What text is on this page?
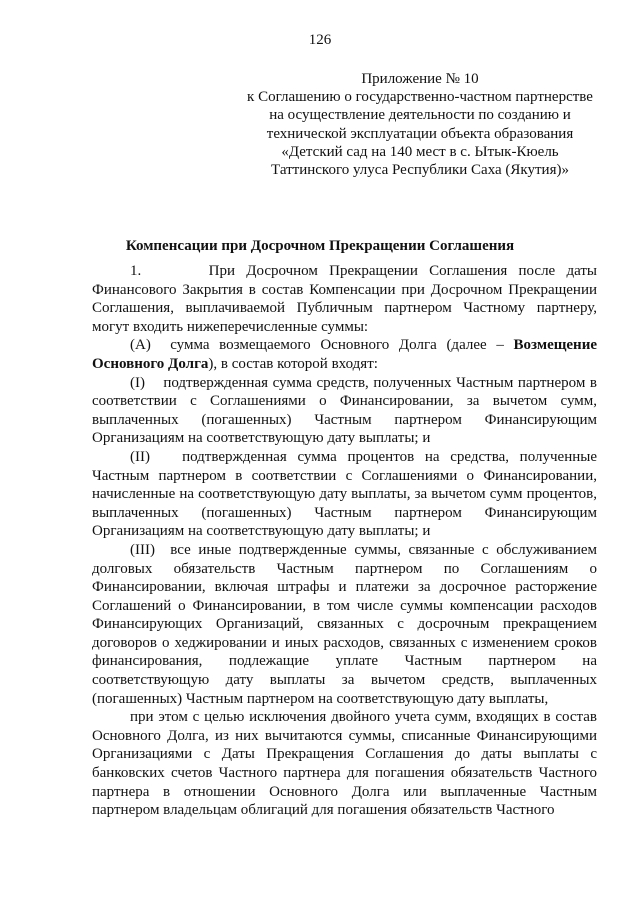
126
Приложение № 10
к Соглашению о государственно-частном партнерстве
на осуществление деятельности по созданию и
технической эксплуатации объекта образования
«Детский сад на 140 мест в с. Ытык-Кюель
Таттинского улуса Республики Саха (Якутия)»
Компенсации при Досрочном Прекращении Соглашения

1.      При Досрочном Прекращении Соглашения после даты Финансового Закрытия в состав Компенсации при Досрочном Прекращении Соглашения, выплачиваемой Публичным партнером Частному партнеру, могут входить нижеперечисленные суммы:

(A)  сумма возмещаемого Основного Долга (далее – Возмещение Основного Долга), в состав которой входят:

(I)    подтвержденная сумма средств, полученных Частным партнером в соответствии с Соглашениями о Финансировании, за вычетом сумм, выплаченных (погашенных) Частным партнером Финансирующим Организациям на соответствующую дату выплаты; и

(II)   подтвержденная сумма процентов на средства, полученные Частным партнером в соответствии с Соглашениями о Финансировании, начисленные на соответствующую дату выплаты, за вычетом сумм процентов, выплаченных (погашенных) Частным партнером Финансирующим Организациям на соответствующую дату выплаты; и

(III)  все иные подтвержденные суммы, связанные с обслуживанием долговых обязательств Частным партнером по Соглашениям о Финансировании, включая штрафы и платежи за досрочное расторжение Соглашений о Финансировании, в том числе суммы компенсации расходов Финансирующих Организаций, связанных с досрочным прекращением договоров о хеджировании и иных расходов, связанных с изменением сроков финансирования, подлежащие уплате Частным партнером на соответствующую дату выплаты за вычетом средств, выплаченных (погашенных) Частным партнером на соответствующую дату выплаты,

при этом с целью исключения двойного учета сумм, входящих в состав Основного Долга, из них вычитаются суммы, списанные Финансирующими Организациями с Даты Прекращения Соглашения до даты выплаты с банковских счетов Частного партнера для погашения обязательств Частного партнера в отношении Основного Долга или выплаченные Частным партнером владельцам облигаций для погашения обязательств Частного
